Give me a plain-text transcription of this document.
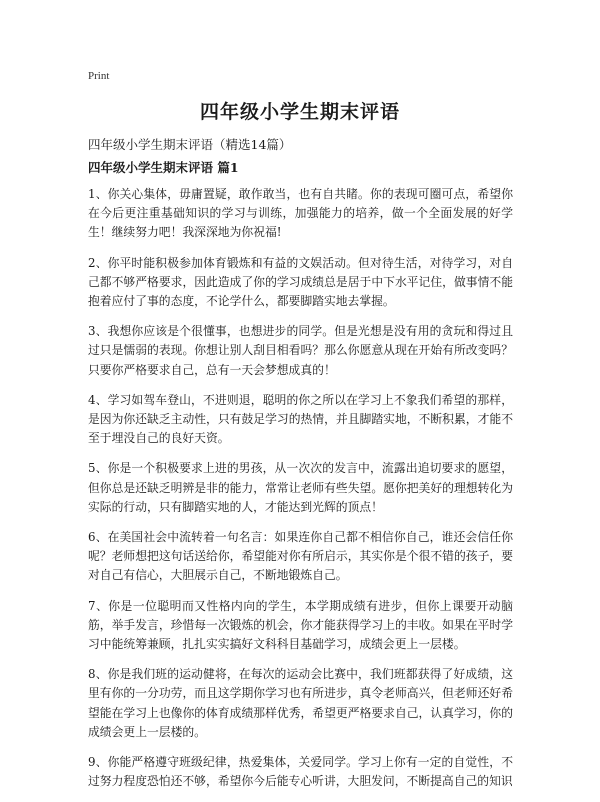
Print
四年级小学生期末评语
四年级小学生期末评语（精选14篇）
四年级小学生期末评语 篇1

1、你关心集体，毋庸置疑，敢作敢当，也有自共睹。你的表现可圈可点，希望你在今后更注重基础知识的学习与训练，加强能力的培养，做一个全面发展的好学生！继续努力吧！我深深地为你祝福!

2、你平时能积极参加体育锻炼和有益的文娱活动。但对待生活，对待学习，对自己都不够严格要求，因此造成了你的学习成绩总是居于中下水平记住，做事情不能抱着应付了事的态度，不论学什么，都要脚踏实地去掌握。

3、我想你应该是个很懂事，也想进步的同学。但是光想是没有用的贪玩和得过且过只是懦弱的表现。你想让别人刮目相看吗？那么你愿意从现在开始有所改变吗？只要你严格要求自己，总有一天会梦想成真的！

4、学习如驾车登山，不进则退，聪明的你之所以在学习上不象我们希望的那样，是因为你还缺乏主动性，只有鼓足学习的热情，并且脚踏实地，不断积累，才能不至于埋没自己的良好天资。

5、你是一个积极要求上进的男孩，从一次次的发言中，流露出追切要求的愿望，但你总是还缺乏明辨是非的能力，常常让老师有些失望。愿你把美好的理想转化为实际的行动，只有脚踏实地的人，才能达到光辉的顶点！

6、在美国社会中流转着一句名言：如果连你自己都不相信你自己，谁还会信任你呢？老师想把这句话送给你，希望能对你有所启示，其实你是个很不错的孩子，要对自己有信心，大胆展示自己，不断地锻炼自己。

7、你是一位聪明而又性格内向的学生，本学期成绩有进步，但你上课要开动脑筋，举手发言，珍惜每一次锻炼的机会，你才能获得学习上的丰收。如果在平时学习中能统筹兼顾，扎扎实实搞好文科科目基础学习，成绩会更上一层楼。

8、你是我们班的运动健将，在每次的运动会比赛中，我们班都获得了好成绩，这里有你的一分功劳，而且这学期你学习也有所进步，真令老师高兴，但老师还好希望能在学习上也像你的体育成绩那样优秀，希望更严格要求自己，认真学习，你的成绩会更上一层楼的。

9、你能严格遵守班级纪律，热爱集体，关爱同学。学习上你有一定的自觉性，不过努力程度恐怕还不够，希望你今后能专心听讲，大胆发问，不断提高自己的知识
